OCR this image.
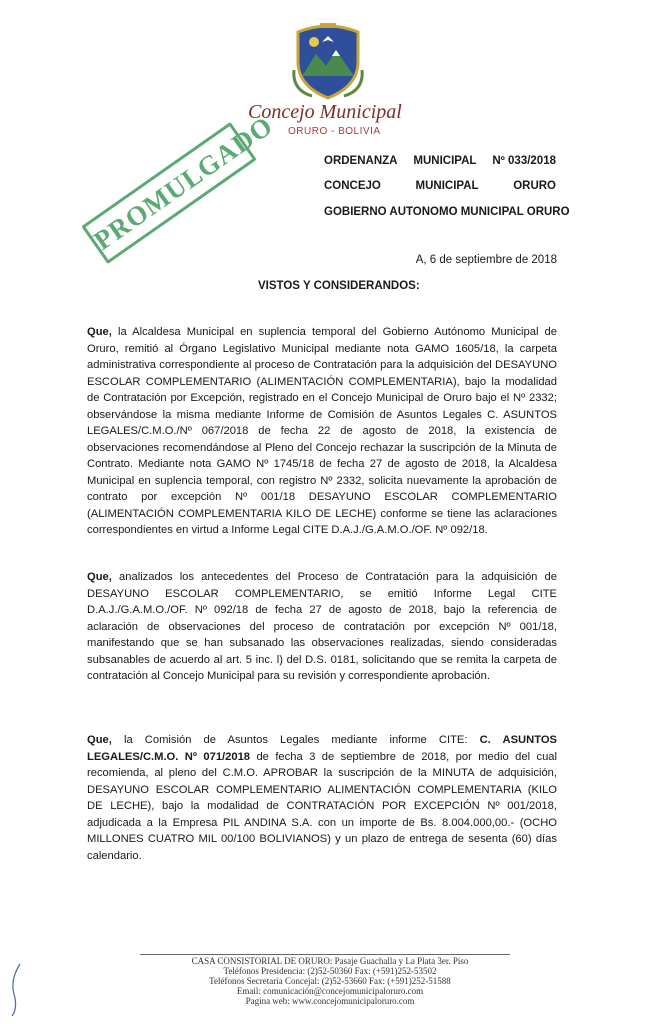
Concejo Municipal
ORURO - BOLIVIA
PROMULGADO	ORDENANZA MUNICIPAL Nº 033/2018
CONCEJO	MUNICIPAL	ORURO
GOBIERNO AUTONOMO MUNICIPAL ORURO
A, 6 de septiembre de 2018
VISTOS Y CONSIDERANDOS:

Que, la Alcaldesa Municipal en suplencia temporal del Gobierno Autónomo Municipal de Oruro, remitió al Órgano Legislativo Municipal mediante nota GAMO 1605/18, la carpeta administrativa correspondiente al proceso de Contratación para la adquisición del DESAYUNO ESCOLAR COMPLEMENTARIO (ALIMENTACIÓN COMPLEMENTARIA), bajo la modalidad de Contratación por Excepción, registrado en el Concejo Municipal de Oruro bajo el Nº 2332; observándose la misma mediante Informe de Comisión de Asuntos Legales C. ASUNTOS LEGALES/C.M.O./Nº 067/2018 de fecha 22 de agosto de 2018, la existencia de observaciones recomendándose al Pleno del Concejo rechazar la suscripción de la Minuta de Contrato. Mediante nota GAMO Nº 1745/18 de fecha 27 de agosto de 2018, la Alcaldesa Municipal en suplencia temporal, con registro Nº 2332, solicita nuevamente la aprobación de contrato por excepción Nº 001/18 DESAYUNO ESCOLAR COMPLEMENTARIO (ALIMENTACIÓN COMPLEMENTARIA KILO DE LECHE) conforme se tiene las aclaraciones correspondientes en virtud a Informe Legal CITE D.A.J./G.A.M.O./OF. Nº 092/18.

Que, analizados los antecedentes del Proceso de Contratación para la adquisición de DESAYUNO ESCOLAR COMPLEMENTARIO, se emitió Informe Legal CITE D.A.J./G.A.M.O./OF. Nº 092/18 de fecha 27 de agosto de 2018, bajo la referencia de aclaración de observaciones del proceso de contratación por excepción Nº 001/18, manifestando que se han subsanado las observaciones realizadas, siendo consideradas subsanables de acuerdo al art. 5 inc. l) del D.S. 0181, solicitando que se remita la carpeta de contratación al Concejo Municipal para su revisión y correspondiente aprobación.

Que, la Comisión de Asuntos Legales mediante informe CITE: C. ASUNTOS LEGALES/C.M.O. Nº 071/2018 de fecha 3 de septiembre de 2018, por medio del cual recomienda, al pleno del C.M.O. APROBAR la suscripción de la MINUTA de adquisición, DESAYUNO ESCOLAR COMPLEMENTARIO ALIMENTACIÓN COMPLEMENTARIA (KILO DE LECHE), bajo la modalidad de CONTRATACIÓN POR EXCEPCIÓN Nº 001/2018, adjudicada a la Empresa PIL ANDINA S.A. con un importe de Bs. 8.004.000,00.- (OCHO MILLONES CUATRO MIL 00/100 BOLIVIANOS) y un plazo de entrega de sesenta (60) días calendario.

CASA CONSISTORIAL DE ORURO: Pasaje Guachalla y La Plata 3er. Piso
Teléfonos Presidencia: (2)52-50360 Fax: (+591)252-53502
Teléfonos Secretaría Concejal: (2)52-53660 Fax: (+591)252-51588
Email: comunicación@concejomunicipaloruro.com
Pagina web: www.concejomunicipaloruro.com
